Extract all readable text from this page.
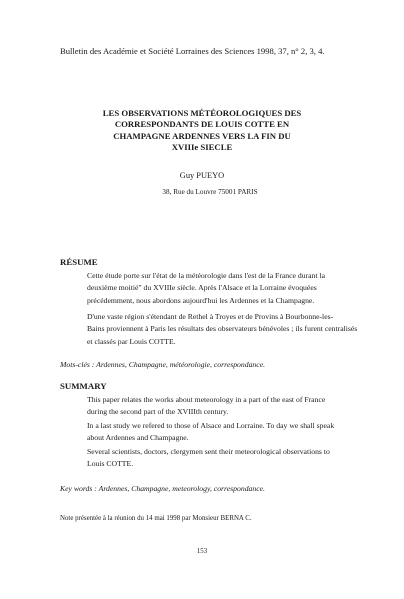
Bulletin des Académie et Société Lorraines des Sciences 1998, 37, n° 2, 3, 4.
LES OBSERVATIONS MÉTÉOROLOGIQUES DES
CORRESPONDANTS DE LOUIS COTTE EN
CHAMPAGNE ARDENNES VERS LA FIN DU
XVIIIe SIECLE
Guy PUEYO
38, Rue du Louvre 75001 PARIS
RÉSUME
Cette étude porte sur l'état de la météorologie dans l'est de la France durant la
deuxième moitié" du XVIIIe siècle. Après l'Alsace et la Lorraine évoquées
précédemment, nous abordons aujourd'hui les Ardennes et la Champagne.
D'une vaste région s'étendant de Rethel à Troyes et de Provins à Bourbonne-les-
Bains proviennent à Paris les résultats des observateurs bénévoles ; ils furent centralisés
et classés par Louis COTTE.
Mots-clés : Ardennes, Champagne, météorologie, correspondance.
SUMMARY
This paper relates the works about meteorology in a part of the east of France
during the second part of the XVIIIth century.
In a last study we refered to those of Alsace and Lorraine. To day we shall speak
about Ardennes and Champagne.
Several scientists, doctors, clergymen sent their meteorological observations to
Louis COTTE.
Key words : Ardennes, Champagne, meteorology, correspondance.
Note présentée à la réunion du 14 mai 1998 par Monsieur BERNA C.
153
